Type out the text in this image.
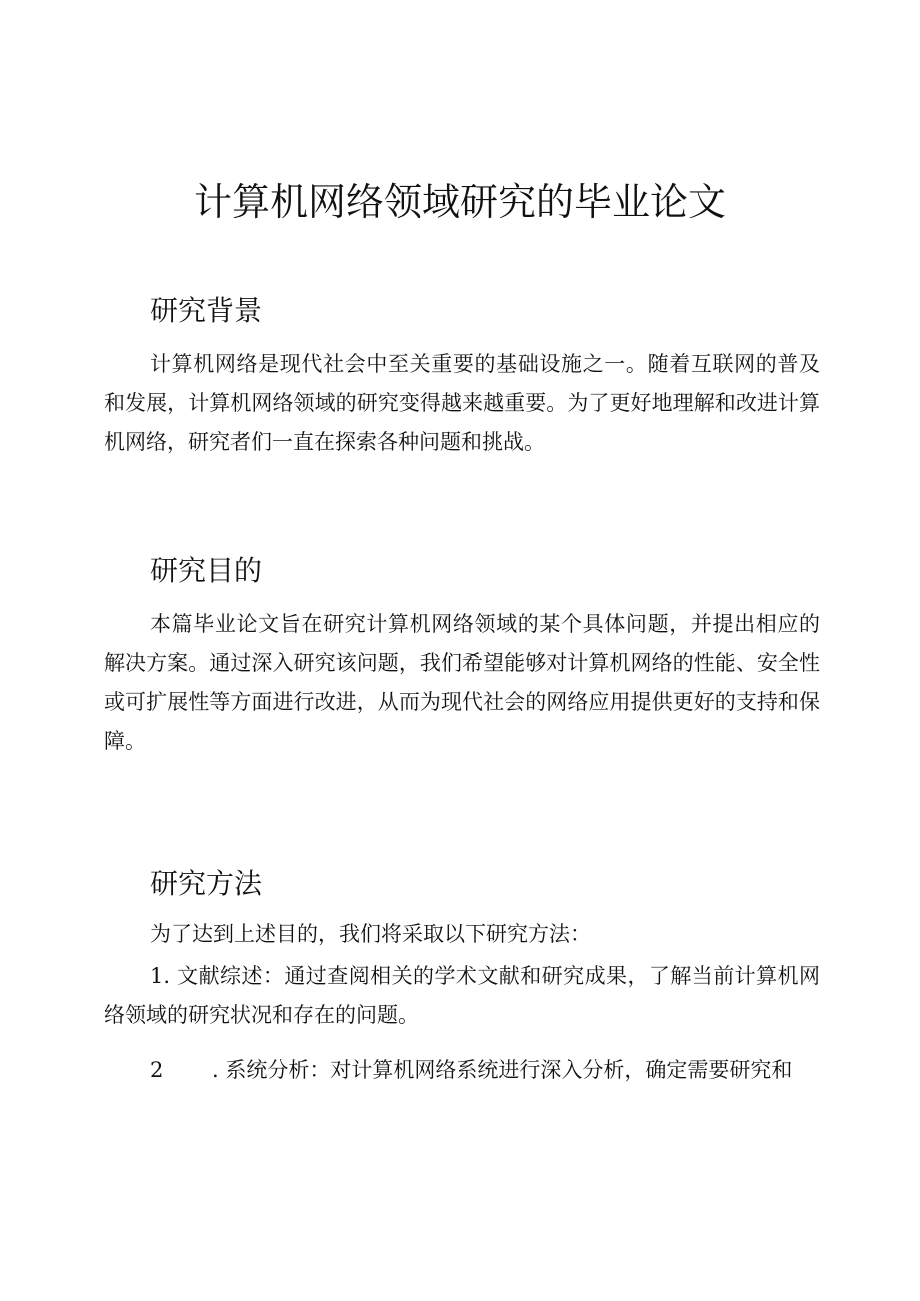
计算机网络领域研究的毕业论文
研究背景

计算机网络是现代社会中至关重要的基础设施之一。随着互联网的普及和发展，计算机网络领域的研究变得越来越重要。为了更好地理解和改进计算机网络，研究者们一直在探索各种问题和挑战。

研究目的

本篇毕业论文旨在研究计算机网络领域的某个具体问题，并提出相应的解决方案。通过深入研究该问题，我们希望能够对计算机网络的性能、安全性或可扩展性等方面进行改进，从而为现代社会的网络应用提供更好的支持和保障。

研究方法

为了达到上述目的，我们将采取以下研究方法：

1. 文献综述：通过查阅相关的学术文献和研究成果，了解当前计算机网络领域的研究状况和存在的问题。

2 . 系统分析：对计算机网络系统进行深入分析，确定需要研究和
